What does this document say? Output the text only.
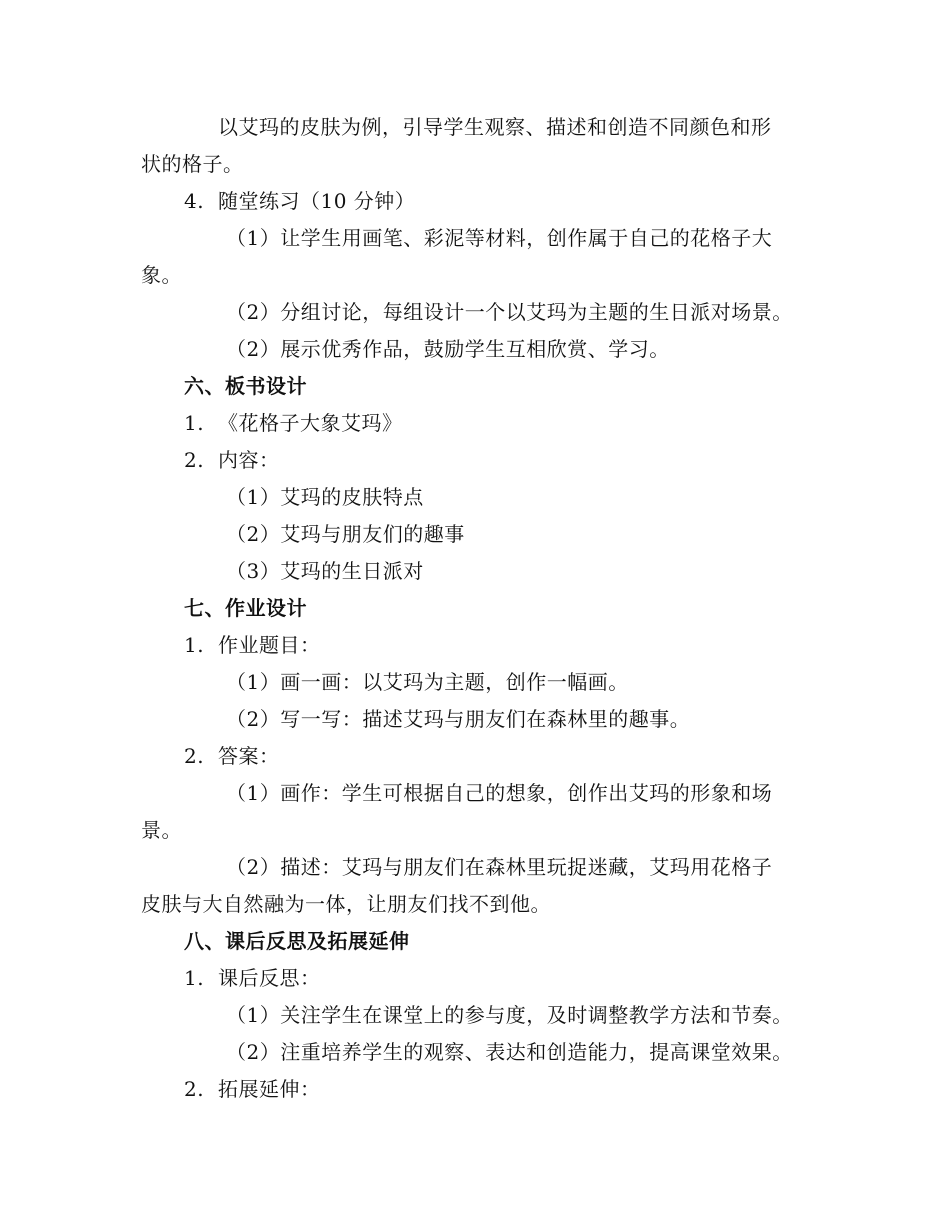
以艾玛的皮肤为例，引导学生观察、描述和创造不同颜色和形
状的格子。
4. 随堂练习（10 分钟）
（1）让学生用画笔、彩泥等材料，创作属于自己的花格子大
象。
（2）分组讨论，每组设计一个以艾玛为主题的生日派对场景。
（2）展示优秀作品，鼓励学生互相欣赏、学习。
六、板书设计
1. 《花格子大象艾玛》
2. 内容：
（1）艾玛的皮肤特点
（2）艾玛与朋友们的趣事
（3）艾玛的生日派对
七、作业设计
1. 作业题目：
（1）画一画：以艾玛为主题，创作一幅画。
（2）写一写：描述艾玛与朋友们在森林里的趣事。
2. 答案：
（1）画作：学生可根据自己的想象，创作出艾玛的形象和场
景。
（2）描述：艾玛与朋友们在森林里玩捉迷藏，艾玛用花格子
皮肤与大自然融为一体，让朋友们找不到他。
八、课后反思及拓展延伸
1. 课后反思：
（1）关注学生在课堂上的参与度，及时调整教学方法和节奏。
（2）注重培养学生的观察、表达和创造能力，提高课堂效果。
2. 拓展延伸：
